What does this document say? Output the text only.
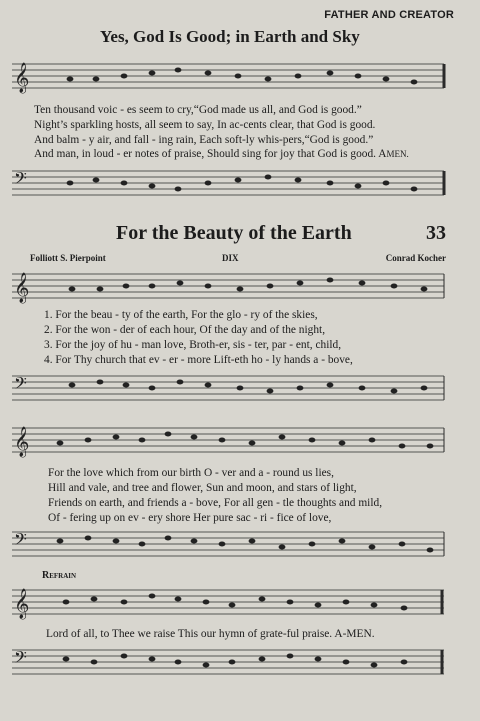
FATHER AND CREATOR
Yes, God Is Good; in Earth and Sky
𝄞
Ten thousand voic - es seem to cry,“God made us all, and God is good.”
Night’s sparkling hosts, all seem to say, In ac-cents clear, that God is good.
And balm - y air, and fall - ing rain, Each soft-ly whis-pers,“God is good.”
And man, in loud - er notes of praise, Should sing for joy that God is good. AMEN.
𝄢
For the Beauty of the Earth	33
Folliott S. Pierpoint	DIX	Conrad Kocher
𝄞
1. For the beau - ty of the earth, For the glo - ry of the skies,
2. For the won - der of each hour, Of the day and of the night,
3. For the joy of hu - man love, Broth-er, sis - ter, par - ent, child,
4. For Thy church that ev - er - more Lift-eth ho - ly hands a - bove,
𝄢
𝄞
For the love which from our birth O - ver and a - round us lies,
Hill and vale, and tree and flower, Sun and moon, and stars of light,
Friends on earth, and friends a - bove, For all gen - tle thoughts and mild,
Of - fering up on ev - ery shore Her pure sac - ri - fice of love,
𝄢
Refrain
𝄞
Lord of all, to Thee we raise This our hymn of grate-ful praise. A-MEN.
𝄢
